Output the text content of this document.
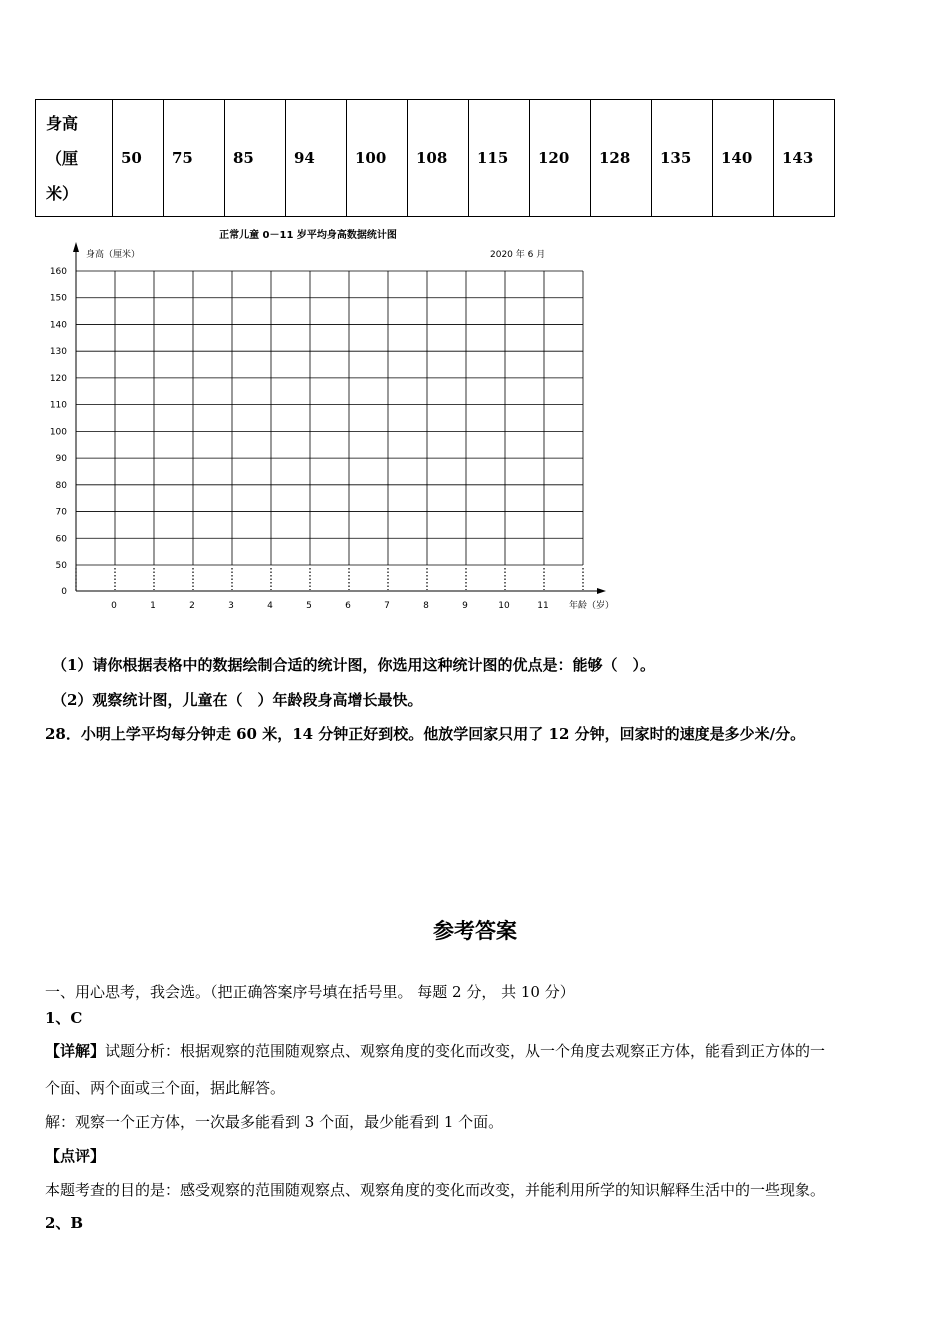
身高
（厘
米）
	50	75	85	94	100	108	115	120	128	135	140	143
正常儿童 0－11 岁平均身高数据统计图
2020 年 6 月
身高（厘米）
年龄（岁）
0
50
60
70
80
90
100
110
120
130
140
150
160
0	1	2	3	4	5	6	7	8	9	10	11
（1）请你根据表格中的数据绘制合适的统计图，你选用这种统计图的优点是：能够（　）。
（2）观察统计图，儿童在（　）年龄段身高增长最快。
28．小明上学平均每分钟走 60 米，14 分钟正好到校。他放学回家只用了 12 分钟，回家时的速度是多少米/分。
参考答案
一、用心思考，我会选。（把正确答案序号填在括号里。 每题 2 分， 共 10 分）
1、C
【详解】试题分析：根据观察的范围随观察点、观察角度的变化而改变，从一个角度去观察正方体，能看到正方体的一
个面、两个面或三个面，据此解答。
解：观察一个正方体，一次最多能看到 3 个面，最少能看到 1 个面。
【点评】
本题考查的目的是：感受观察的范围随观察点、观察角度的变化而改变，并能利用所学的知识解释生活中的一些现象。
2、B
